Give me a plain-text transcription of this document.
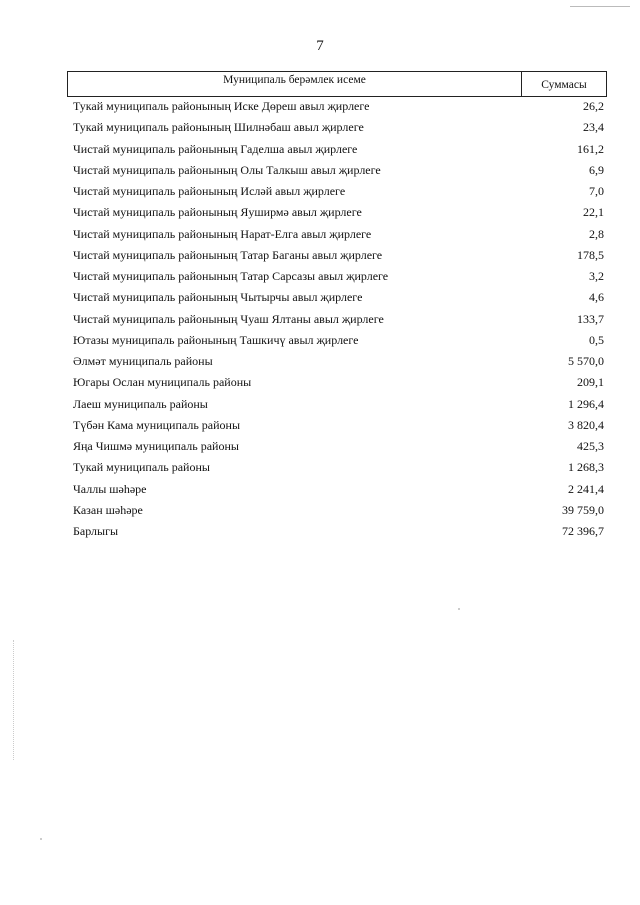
7
Муниципаль берәмлек исеме	Суммасы
Тукай муниципаль районының Иске Дөреш авыл җирлеге	26,2
Тукай муниципаль районының Шилнәбаш авыл җирлеге	23,4
Чистай муниципаль районының Гаделша авыл җирлеге	161,2
Чистай муниципаль районының Олы Талкыш авыл җирлеге	6,9
Чистай муниципаль районының Исләй авыл җирлеге	7,0
Чистай муниципаль районының Яуширмә авыл җирлеге	22,1
Чистай муниципаль районының Нарат-Елга авыл җирлеге	2,8
Чистай муниципаль районының Татар Баганы авыл җирлеге	178,5
Чистай муниципаль районының Татар Сарсазы авыл җирлеге	3,2
Чистай муниципаль районының Чытырчы авыл җирлеге	4,6
Чистай муниципаль районының Чуаш Ялтаны авыл җирлеге	133,7
Ютазы муниципаль районының Ташкичү авыл җирлеге	0,5
Әлмәт муниципаль районы	5 570,0
Югары Ослан муниципаль районы	209,1
Лаеш муниципаль районы	1 296,4
Түбән Кама муниципаль районы	3 820,4
Яңа Чишмә муниципаль районы	425,3
Тукай муниципаль районы	1 268,3
Чаллы шәһәре	2 241,4
Казан шәһәре	39 759,0
Барлыгы	72 396,7
